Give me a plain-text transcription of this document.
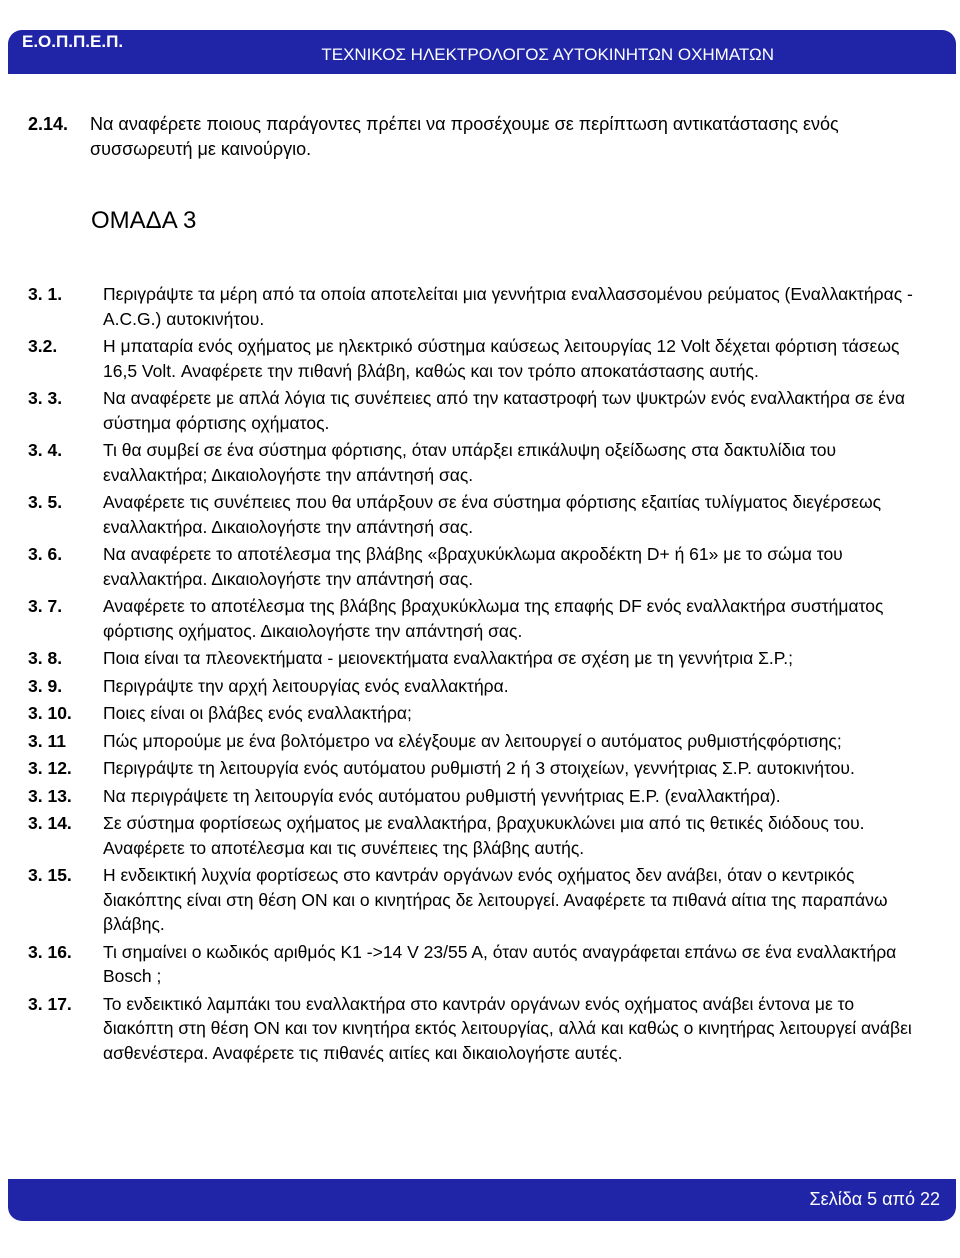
Ε.Ο.Π.Π.Ε.Π.
ΤΕΧΝΙΚΟΣ ΗΛΕΚΤΡΟΛΟΓΟΣ ΑΥΤΟΚΙΝΗΤΩΝ ΟΧΗΜΑΤΩΝ
2.14. Να αναφέρετε ποιους παράγοντες πρέπει να προσέχουμε σε περίπτωση αντικατάστασης ενός συσσωρευτή με καινούργιο.
ΟΜΑΔΑ 3
3. 1. Περιγράψτε τα μέρη από τα οποία αποτελείται μια γεννήτρια εναλλασσομένου ρεύματος (Εναλλακτήρας - A.C.G.) αυτοκινήτου.
3.2.	Η μπαταρία ενός οχήματος με ηλεκτρικό σύστημα καύσεως λειτουργίας 12 Volt δέχεται φόρτιση τάσεως 16,5 Volt. Αναφέρετε την πιθανή βλάβη, καθώς και τον τρόπο αποκατάστασης αυτής.
3. 3. Να αναφέρετε με απλά λόγια τις συνέπειες από την καταστροφή των ψυκτρών ενός εναλλακτήρα σε ένα σύστημα φόρτισης οχήματος.
3. 4. Τι θα συμβεί σε ένα σύστημα φόρτισης, όταν υπάρξει επικάλυψη οξείδωσης στα δακτυλίδια του εναλλακτήρα; Δικαιολογήστε την απάντησή σας.
3. 5. Αναφέρετε τις συνέπειες που θα υπάρξουν σε ένα σύστημα φόρτισης εξαιτίας τυλίγματος διεγέρσεως εναλλακτήρα. Δικαιολογήστε την απάντησή σας.
3. 6. Να αναφέρετε το αποτέλεσμα της βλάβης «βραχυκύκλωμα ακροδέκτη D+ ή 61» με το σώμα του εναλλακτήρα. Δικαιολογήστε την απάντησή σας.
3. 7. Αναφέρετε το αποτέλεσμα της βλάβης βραχυκύκλωμα της επαφής DF ενός εναλλακτήρα συστήματος φόρτισης οχήματος. Δικαιολογήστε την απάντησή σας.
3. 8. Ποια είναι τα πλεονεκτήματα - μειονεκτήματα εναλλακτήρα σε σχέση με τη γεννήτρια Σ.Ρ.;
3. 9. Περιγράψτε την αρχή λειτουργίας ενός εναλλακτήρα.
3. 10. Ποιες είναι οι βλάβες ενός εναλλακτήρα;
3. 11 Πώς μπορούμε με ένα βολτόμετρο να ελέγξουμε αν λειτουργεί ο αυτόματος ρυθμιστήςφόρτισης;
3. 12. Περιγράψτε τη λειτουργία ενός αυτόματου ρυθμιστή 2 ή 3 στοιχείων, γεννήτριας Σ.Ρ. αυτοκινήτου.
3. 13. Να περιγράψετε τη λειτουργία ενός αυτόματου ρυθμιστή γεννήτριας Ε.Ρ. (εναλλακτήρα).
3. 14. Σε σύστημα φορτίσεως οχήματος με εναλλακτήρα, βραχυκυκλώνει μια από τις θετικές διόδους του. Αναφέρετε το αποτέλεσμα και τις συνέπειες της βλάβης αυτής.
3. 15. Η ενδεικτική λυχνία φορτίσεως στο καντράν οργάνων ενός οχήματος δεν ανάβει, όταν ο κεντρικός διακόπτης είναι στη θέση ON και ο κινητήρας δε λειτουργεί. Αναφέρετε τα πιθανά αίτια της παραπάνω βλάβης.
3. 16. Τι σημαίνει ο κωδικός αριθμός K1 ->14 V 23/55 A, όταν αυτός αναγράφεται επάνω σε ένα εναλλακτήρα Bosch ;
3. 17. Το ενδεικτικό λαμπάκι του εναλλακτήρα στο καντράν οργάνων ενός οχήματος ανάβει έντονα με το διακόπτη στη θέση ON και τον κινητήρα εκτός λειτουργίας, αλλά και καθώς ο κινητήρας λειτουργεί ανάβει ασθενέστερα. Αναφέρετε τις πιθανές αιτίες και δικαιολογήστε αυτές.
Σελίδα 5 από 22
